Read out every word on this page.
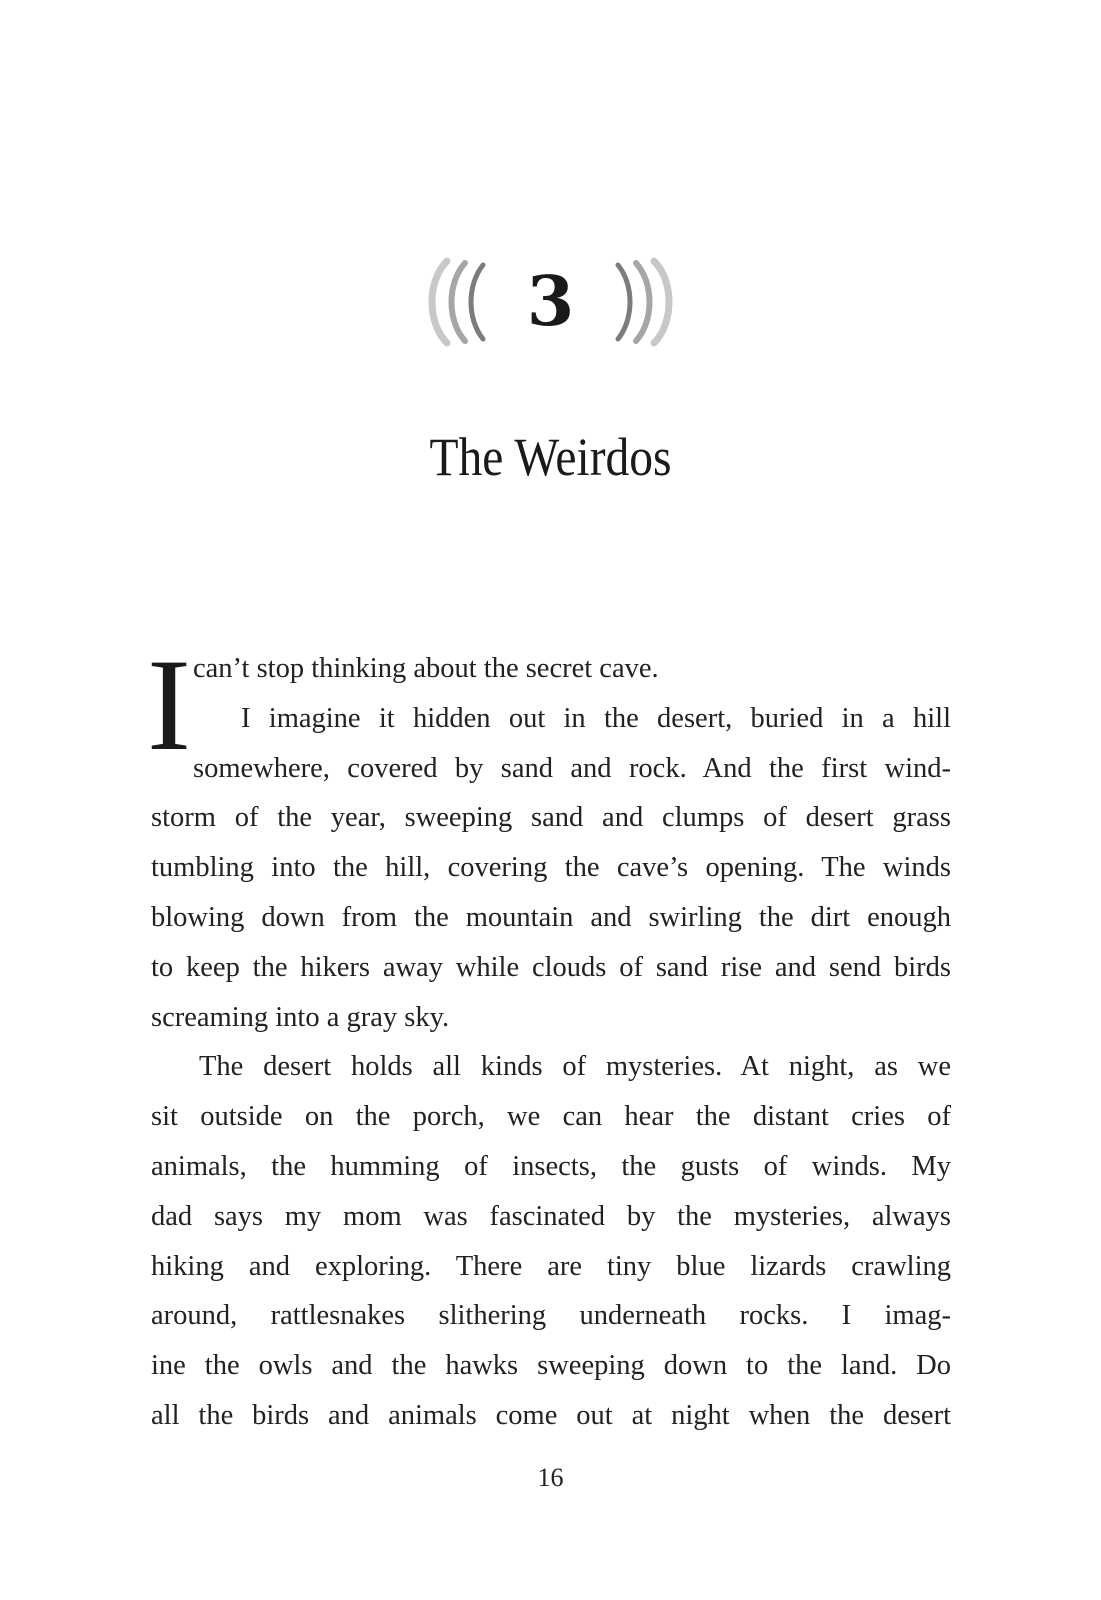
3
The Weirdos
I can’t stop thinking about the secret cave.
I imagine it hidden out in the desert, buried in a hill
somewhere, covered by sand and rock. And the first wind-
storm of the year, sweeping sand and clumps of desert grass
tumbling into the hill, covering the cave’s opening. The winds
blowing down from the mountain and swirling the dirt enough
to keep the hikers away while clouds of sand rise and send birds
screaming into a gray sky.
The desert holds all kinds of mysteries. At night, as we
sit outside on the porch, we can hear the distant cries of
animals, the humming of insects, the gusts of winds. My
dad says my mom was fascinated by the mysteries, always
hiking and exploring. There are tiny blue lizards crawling
around, rattlesnakes slithering underneath rocks. I imag-
ine the owls and the hawks sweeping down to the land. Do
all the birds and animals come out at night when the desert
16
